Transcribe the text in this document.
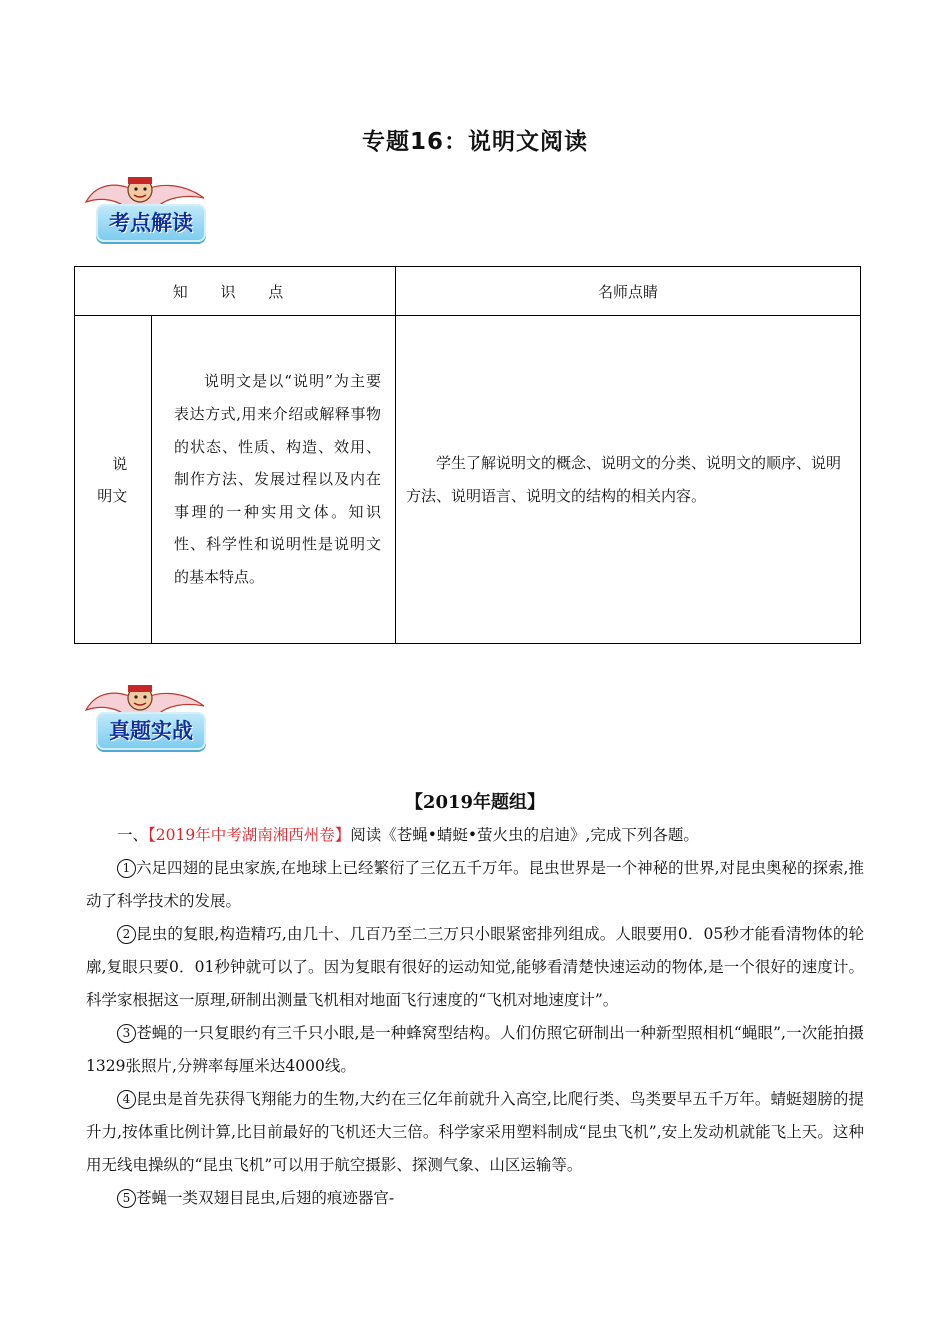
专题16：说明文阅读
考点解读
知 识 点		名师点睛

说明文	说明文是以“说明”为主要表达方式,用来介绍或解释事物的状态、性质、构造、效用、制作方法、发展过程以及内在事理的一种实用文体。知识性、科学性和说明性是说明文的基本特点。	学生了解说明文的概念、说明文的分类、说明文的顺序、说明方法、说明语言、说明文的结构的相关内容。
真题实战
【2019年题组】
一、【2019年中考湖南湘西州卷】阅读《苍蝇•蜻蜓•萤火虫的启迪》,完成下列各题。
1 六足四翅的昆虫家族,在地球上已经繁衍了三亿五千万年。昆虫世界是一个神秘的世界,对昆虫奥秘的探索,推动了科学技术的发展。
2 昆虫的复眼,构造精巧,由几十、几百乃至二三万只小眼紧密排列组成。人眼要用0．05秒才能看清物体的轮廓,复眼只要0．01秒钟就可以了。因为复眼有很好的运动知觉,能够看清楚快速运动的物体,是一个很好的速度计。科学家根据这一原理,研制出测量飞机相对地面飞行速度的“飞机对地速度计”。
3 苍蝇的一只复眼约有三千只小眼,是一种蜂窝型结构。人们仿照它研制出一种新型照相机“蝇眼”,一次能拍摄1329张照片,分辨率每厘米达4000线。
4 昆虫是首先获得飞翔能力的生物,大约在三亿年前就升入高空,比爬行类、鸟类要早五千万年。蜻蜓翅膀的提升力,按体重比例计算,比目前最好的飞机还大三倍。科学家采用塑料制成“昆虫飞机”,安上发动机就能飞上天。这种用无线电操纵的“昆虫飞机”可以用于航空摄影、探测气象、山区运输等。
5 苍蝇一类双翅目昆虫,后翅的痕迹器官-
